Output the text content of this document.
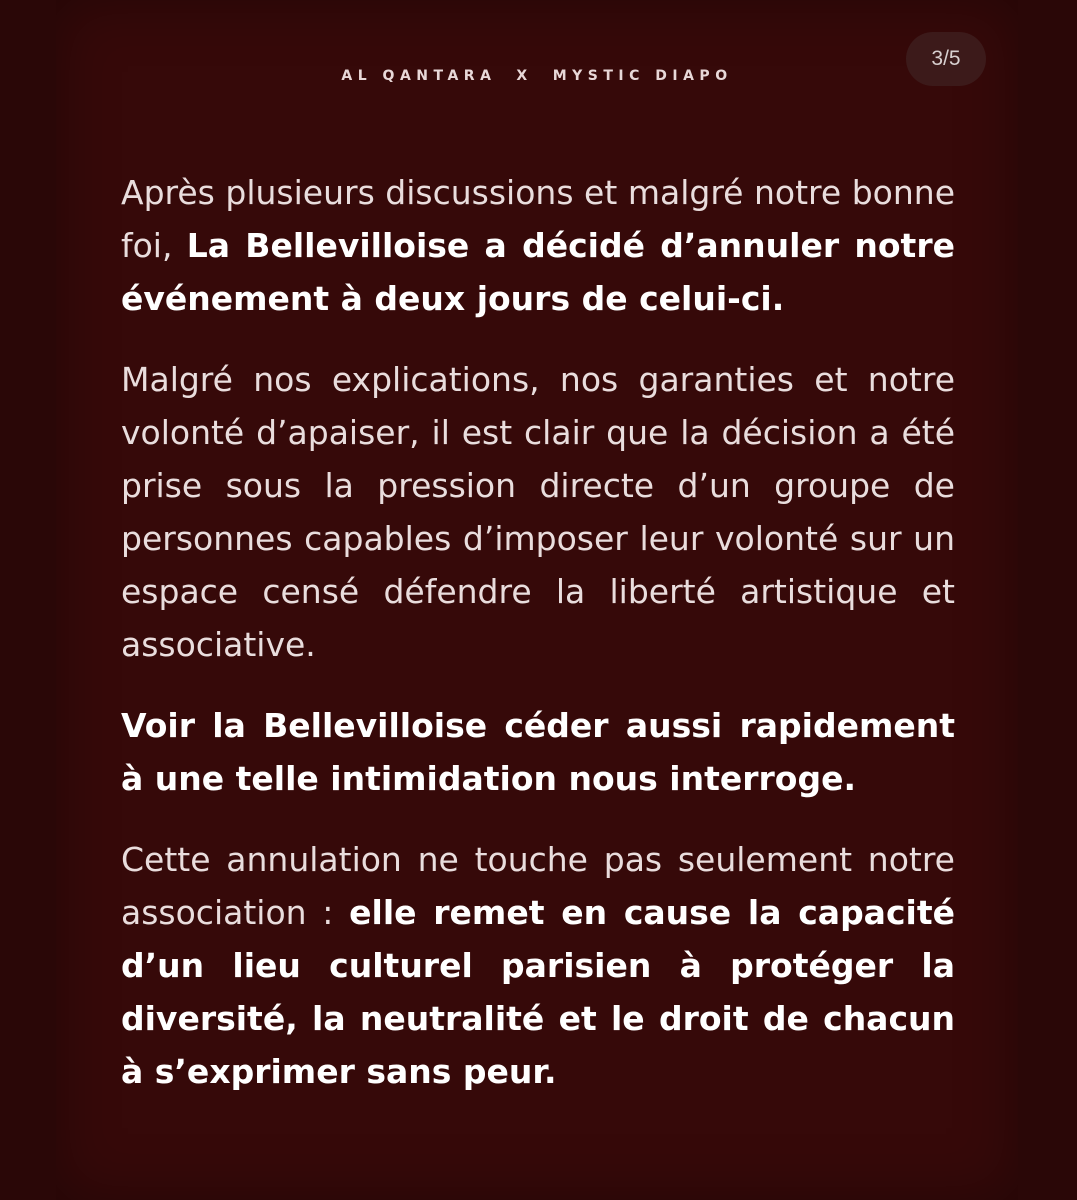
AL QANTARA X MYSTIC DIAPO
3/5

Après plusieurs discussions et malgré notre bonne foi, La Bellevilloise a décidé d’annuler notre événement à deux jours de celui-ci.

Malgré nos explications, nos garanties et notre volonté d’apaiser, il est clair que la décision a été prise sous la pression directe d’un groupe de personnes capables d’imposer leur volonté sur un espace censé défendre la liberté artistique et associative.

Voir la Bellevilloise céder aussi rapidement à une telle intimidation nous interroge.

Cette annulation ne touche pas seulement notre association : elle remet en cause la capacité d’un lieu culturel parisien à protéger la diversité, la neutralité et le droit de chacun à s’exprimer sans peur.
